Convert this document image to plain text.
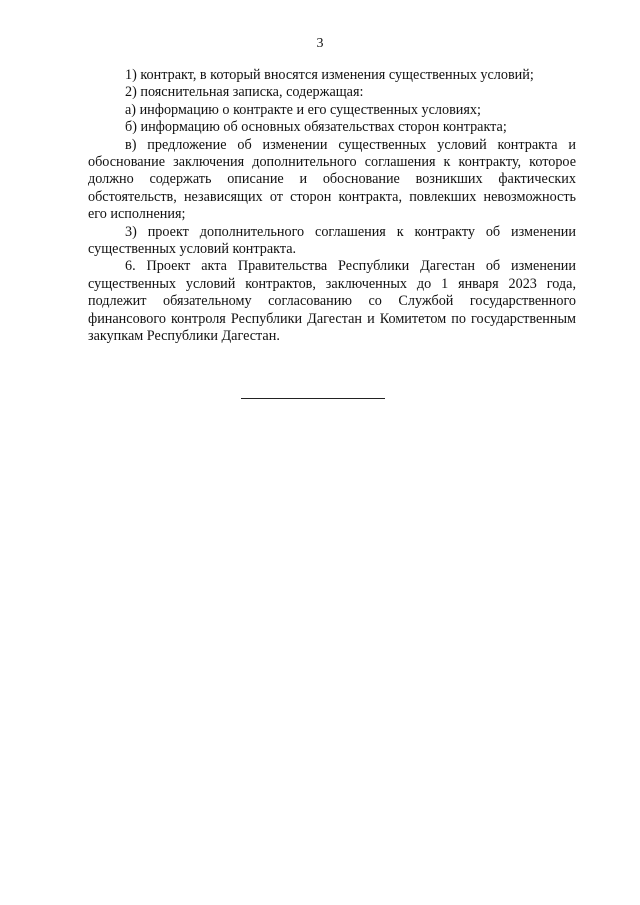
3

1) контракт, в который вносятся изменения существенных условий;

2) пояснительная записка, содержащая:

а) информацию о контракте и его существенных условиях;

б) информацию об основных обязательствах сторон контракта;

в) предложение об изменении существенных условий контракта и обоснование заключения дополнительного соглашения к контракту, которое должно содержать описание и обоснование возникших фактических обстоятельств, независящих от сторон контракта, повлекших невозможность его исполнения;

3) проект дополнительного соглашения к контракту об изменении существенных условий контракта.

6. Проект акта Правительства Республики Дагестан об изменении существенных условий контрактов, заключенных до 1 января 2023 года, подлежит обязательному согласованию со Службой государственного финансового контроля Республики Дагестан и Комитетом по государственным закупкам Республики Дагестан.
